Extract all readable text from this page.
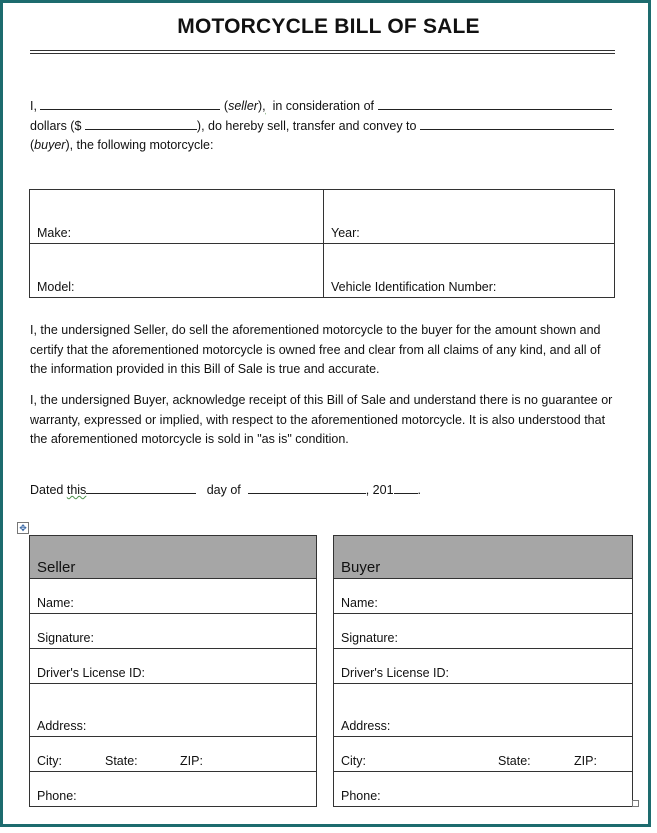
MOTORCYCLE BILL OF SALE

I,	(seller), in consideration of
dollars ($	), do hereby sell, transfer and convey to
(buyer), the following motorcycle:

Make:	Year:
Model:	Vehicle Identification Number:

I, the undersigned Seller, do sell the aforementioned motorcycle to the buyer for the amount shown and certify that the aforementioned motorcycle is owned free and clear from all claims of any kind, and all of the information provided in this Bill of Sale is true and accurate.

I, the undersigned Buyer, acknowledge receipt of this Bill of Sale and understand there is no guarantee or warranty, expressed or implied, with respect to the aforementioned motorcycle. It is also understood that the aforementioned motorcycle is sold in "as is" condition.

Dated this	day of	, 201 .

✥
Seller
Name:
Signature:
Driver's License ID:
Address:
City:	State:	ZIP:
Phone:
Buyer
Name:
Signature:
Driver's License ID:
Address:
City:	State:	ZIP:
Phone:
